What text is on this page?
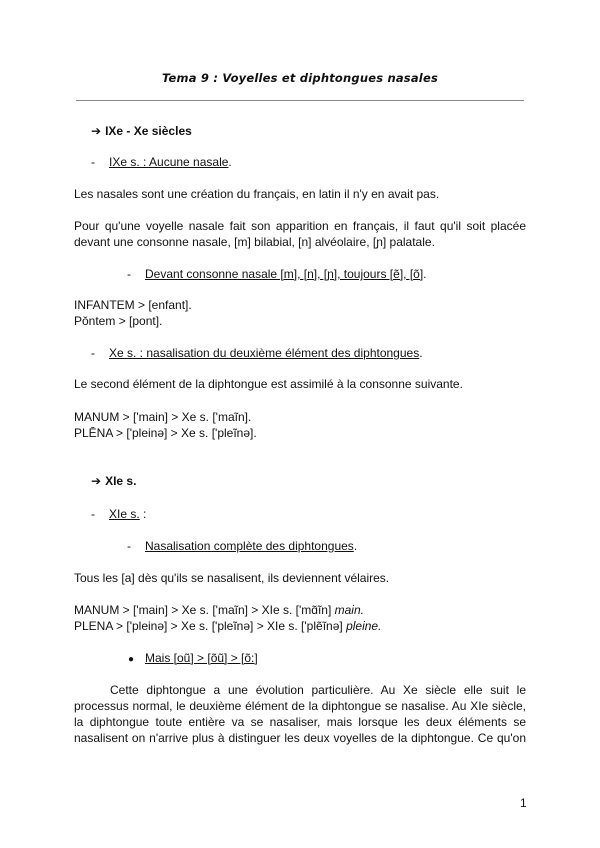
Tema 9 : Voyelles et diphtongues nasales
➔ IXe - Xe siècles
- IXe s. : Aucune nasale.
Les nasales sont une création du français, en latin il n'y en avait pas.
Pour qu'une voyelle nasale fait son apparition en français, il faut qu'il soit placée
devant une consonne nasale, [m] bilabial, [n] alvéolaire, [ɲ] palatale.
- Devant consonne nasale [m], [n], [ɲ], toujours [ẽ], [õ].
INFANTEM > [enfant].
Pŏntem > [pont].
- Xe s. : nasalisation du deuxième élément des diphtongues.
Le second élément de la diphtongue est assimilé à la consonne suivante.
MANUM > ['main] > Xe s. ['maĩn].
PLĒNA > ['pleinə] > Xe s. ['pleĩnə].
➔ XIe s.
- XIe s. :
- Nasalisation complète des diphtongues.
Tous les [a] dès qu'ils se nasalisent, ils deviennent vélaires.
MANUM > ['main] > Xe s. ['maĩn] > XIe s. ['mɑ̃ĩn] main.
PLENA > ['pleinə] > Xe s. ['pleĩnə] > XIe s. ['plẽĩnə] pleine.
● Mais [oũ] > [õũ] > [õ:]
Cette diphtongue a une évolution particulière. Au Xe siècle elle suit le
processus normal, le deuxième élément de la diphtongue se nasalise. Au XIe siècle,
la diphtongue toute entière va se nasaliser, mais lorsque les deux éléments se
nasalisent on n'arrive plus à distinguer les deux voyelles de la diphtongue. Ce qu'on
1
